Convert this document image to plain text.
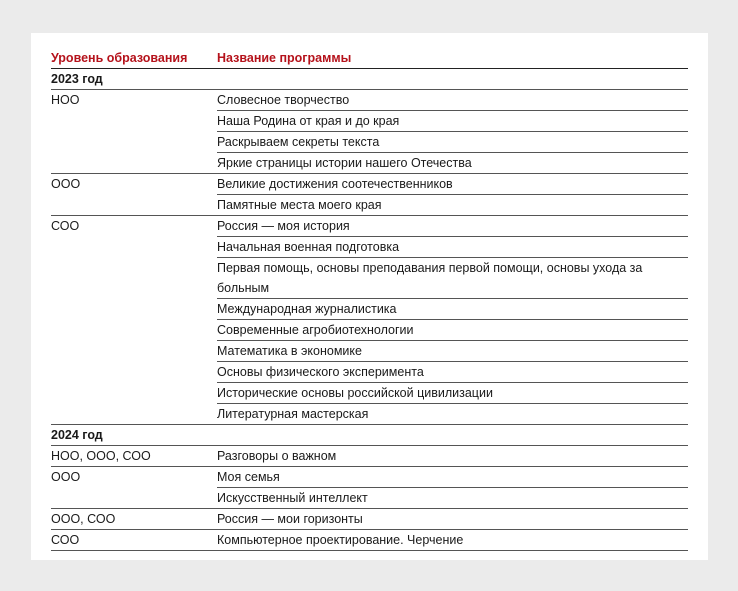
Уровень образования	Название программы
2023 год	
НОО	Словесное творчество
	Наша Родина от края и до края
	Раскрываем секреты текста
	Яркие страницы истории нашего Отечества
ООО	Великие достижения соотечественников
	Памятные места моего края
СОО	Россия — моя история
	Начальная военная подготовка
	Первая помощь, основы преподавания первой помощи, основы ухода за больным
	Международная журналистика
	Современные агробиотехнологии
	Математика в экономике
	Основы физического эксперимента
	Исторические основы российской цивилизации
	Литературная мастерская
2024 год	
НОО, ООО, СОО	Разговоры о важном
ООО	Моя семья
	Искусственный интеллект
ООО, СОО	Россия — мои горизонты
СОО	Компьютерное проектирование. Черчение
